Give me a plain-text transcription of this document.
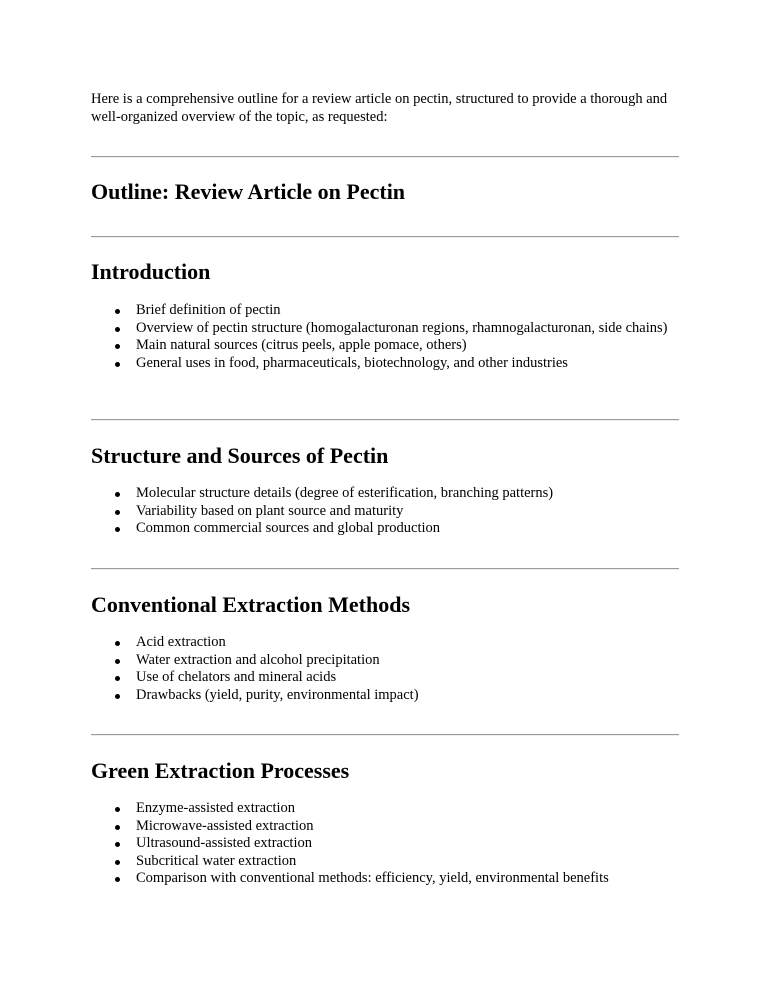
Here is a comprehensive outline for a review article on pectin, structured to provide a thorough and well-organized overview of the topic, as requested:

Outline: Review Article on Pectin
Introduction
Brief definition of pectin
Overview of pectin structure (homogalacturonan regions, rhamnogalacturonan, side chains)
Main natural sources (citrus peels, apple pomace, others)
General uses in food, pharmaceuticals, biotechnology, and other industries
Structure and Sources of Pectin
Molecular structure details (degree of esterification, branching patterns)
Variability based on plant source and maturity
Common commercial sources and global production
Conventional Extraction Methods
Acid extraction
Water extraction and alcohol precipitation
Use of chelators and mineral acids
Drawbacks (yield, purity, environmental impact)
Green Extraction Processes
Enzyme-assisted extraction
Microwave-assisted extraction
Ultrasound-assisted extraction
Subcritical water extraction
Comparison with conventional methods: efficiency, yield, environmental benefits
